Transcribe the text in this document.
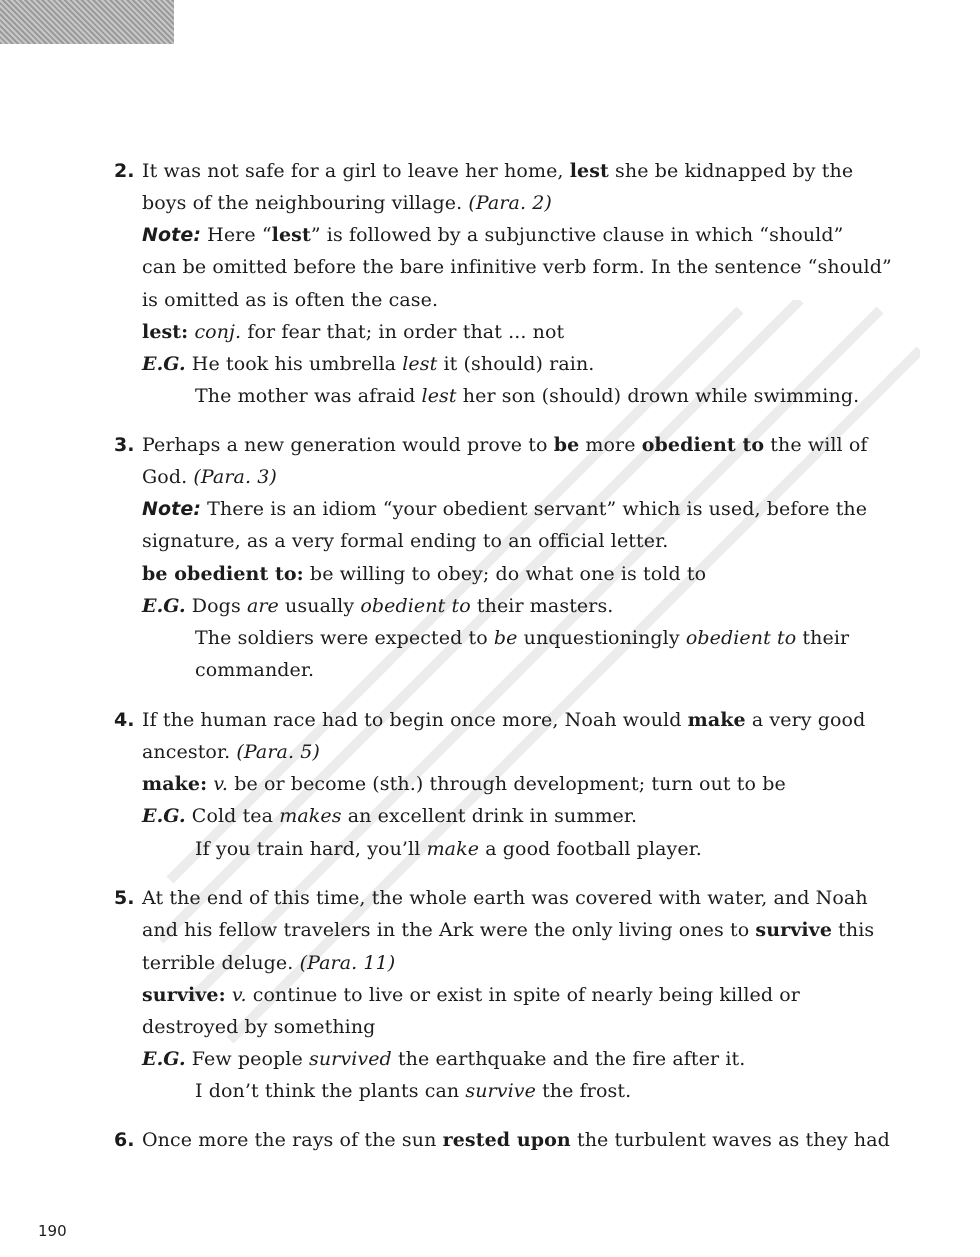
2. It was not safe for a girl to leave her home, lest she be kidnapped by the
boys of the neighbouring village. (Para. 2)
Note: Here “lest” is followed by a subjunctive clause in which “should”
can be omitted before the bare infinitive verb form. In the sentence “should”
is omitted as is often the case.
lest: conj. for fear that; in order that ... not
E.G. He took his umbrella lest it (should) rain.
The mother was afraid lest her son (should) drown while swimming.
3. Perhaps a new generation would prove to be more obedient to the will of
God. (Para. 3)
Note: There is an idiom “your obedient servant” which is used, before the
signature, as a very formal ending to an official letter.
be obedient to: be willing to obey; do what one is told to
E.G. Dogs are usually obedient to their masters.
The soldiers were expected to be unquestioningly obedient to their
commander.
4. If the human race had to begin once more, Noah would make a very good
ancestor. (Para. 5)
make: v. be or become (sth.) through development; turn out to be
E.G. Cold tea makes an excellent drink in summer.
If you train hard, you’ll make a good football player.
5. At the end of this time, the whole earth was covered with water, and Noah
and his fellow travelers in the Ark were the only living ones to survive this
terrible deluge. (Para. 11)
survive: v. continue to live or exist in spite of nearly being killed or
destroyed by something
E.G. Few people survived the earthquake and the fire after it.
I don’t think the plants can survive the frost.
6. Once more the rays of the sun rested upon the turbulent waves as they had
190
